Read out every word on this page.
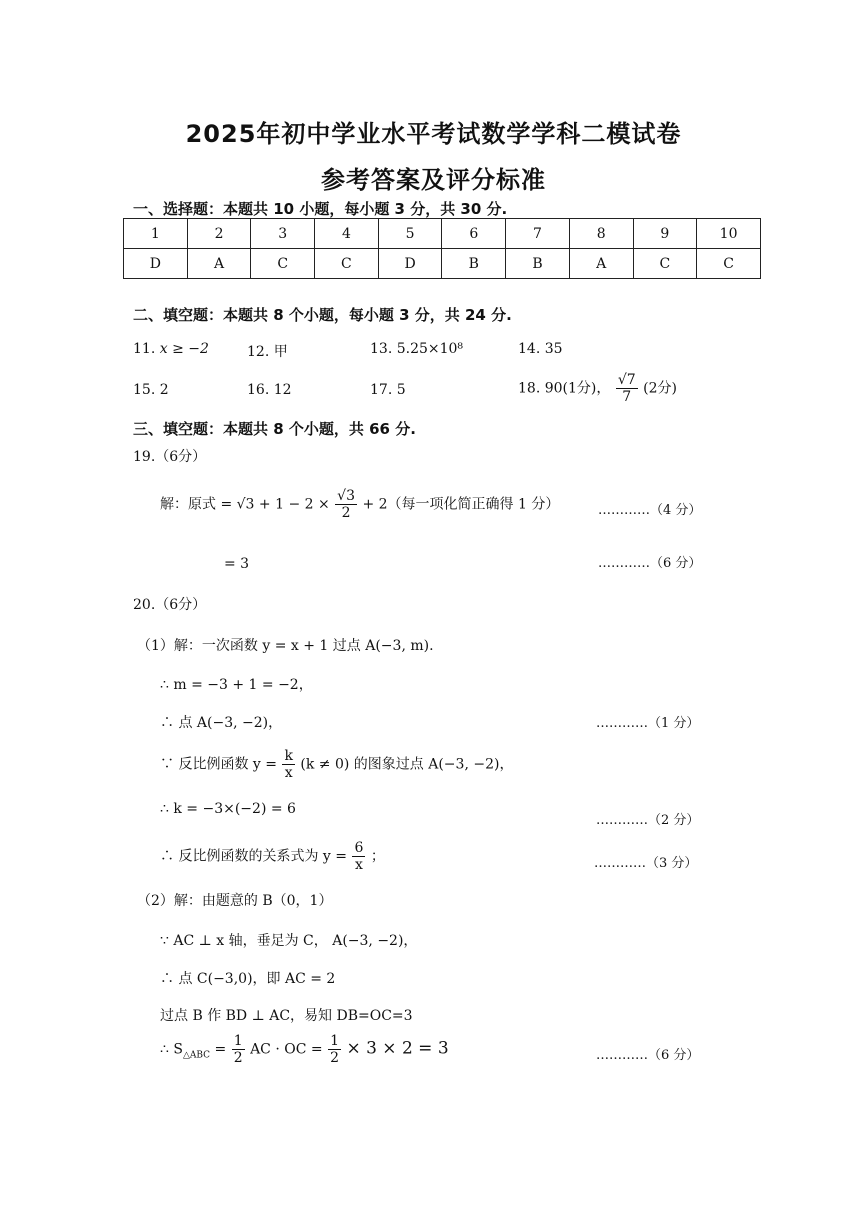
2025年初中学业水平考试数学学科二模试卷
参考答案及评分标准
一、选择题：本题共 10 小题，每小题 3 分，共 30 分.
1	2	3	4	5	6	7	8	9	10
D	A	C	C	D	B	B	A	C	C
二、填空题：本题共 8 个小题，每小题 3 分，共 24 分.
11. x ≥ −2	12. 甲	13. 5.25×10⁸	14. 35
15. 2	16. 12	17. 5	18. 90(1分)， $\frac{√7}{7} (2$分)
三、填空题：本题共 8 个小题，共 66 分.
19.（6分）
解：原式 = $√3 + 1 - 2 \times \frac{√3}{2} + 2$（每一项化简正确得 1 分）	…………（4 分）
= 3	…………（6 分）
20.（6分）
（1）解：一次函数 y = x + 1 过点 A(−3, m).
∴ m = −3 + 1 = −2，
∴ 点 A(−3, −2)，	…………（1 分）
∵ 反比例函数 $y = \frac{k}{x} (k \ne 0)$ 的图象过点 A(−3, −2)，
∴ k = −3×(−2) = 6
…………（2 分）
∴ 反比例函数的关系式为 $y = \frac{6}{x}$ ；	…………（3 分）
（2）解：由题意的 B（0，1）
∵ AC ⊥ x 轴，垂足为 C， A(−3, −2)，
∴ 点 C(−3,0)，即 AC = 2
过点 B 作 BD ⊥ AC，易知 DB=OC=3
∴ $S_{\triangle ABC} = \frac{1}{2}$ AC · OC = $\frac{1}{2} \times 3 \times 2 = 3$	…………（6 分）
